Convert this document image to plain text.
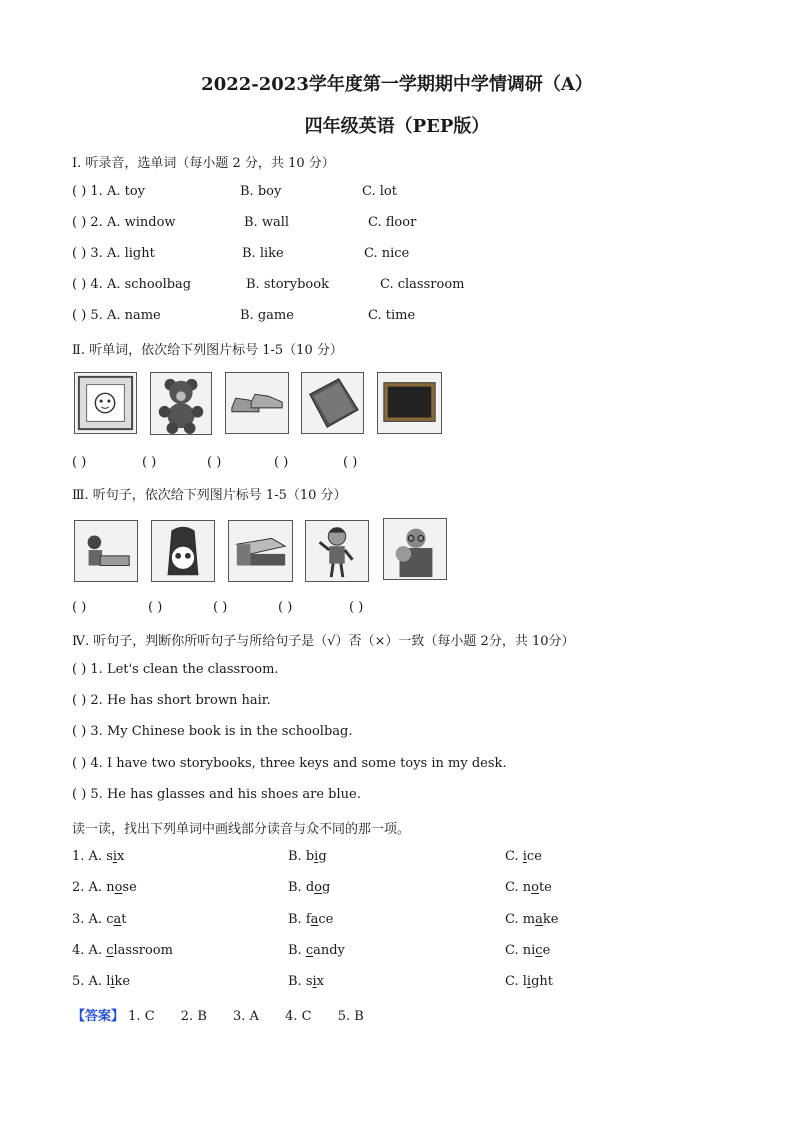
2022-2023学年度第一学期期中学情调研（A）
四年级英语（PEP版）
I. 听录音，选单词（每小题 2 分，共 10 分）
( ) 1. A. toy	B. boy	C. lot
( ) 2. A. window	B. wall	C. floor
( ) 3. A. light	B. like	C. nice
( ) 4. A. schoolbag	B. storybook	C. classroom
( ) 5. A. name	B. game	C. time
Ⅱ. 听单词，依次给下列图片标号 1-5（10 分）
( )	( )	( )	( )	( )
Ⅲ. 听句子，依次给下列图片标号 1-5（10 分）
( )	( )	( )	( )	( )
Ⅳ. 听句子，判断你所听句子与所给句子是（√）否（×）一致（每小题 2分，共 10分）
( ) 1. Let's clean the classroom.
( ) 2. He has short brown hair.
( ) 3. My Chinese book is in the schoolbag.
( ) 4. I have two storybooks, three keys and some toys in my desk.
( ) 5. He has glasses and his shoes are blue.
读一读，找出下列单词中画线部分读音与众不同的那一项。
1. A. six	B. big	C. ice
2. A. nose	B. dog	C. note
3. A. cat	B. face	C. make
4. A. classroom	B. candy	C. nice
5. A. like	B. six	C. light
【答案】 1. C 2. B 3. A 4. C 5. B
